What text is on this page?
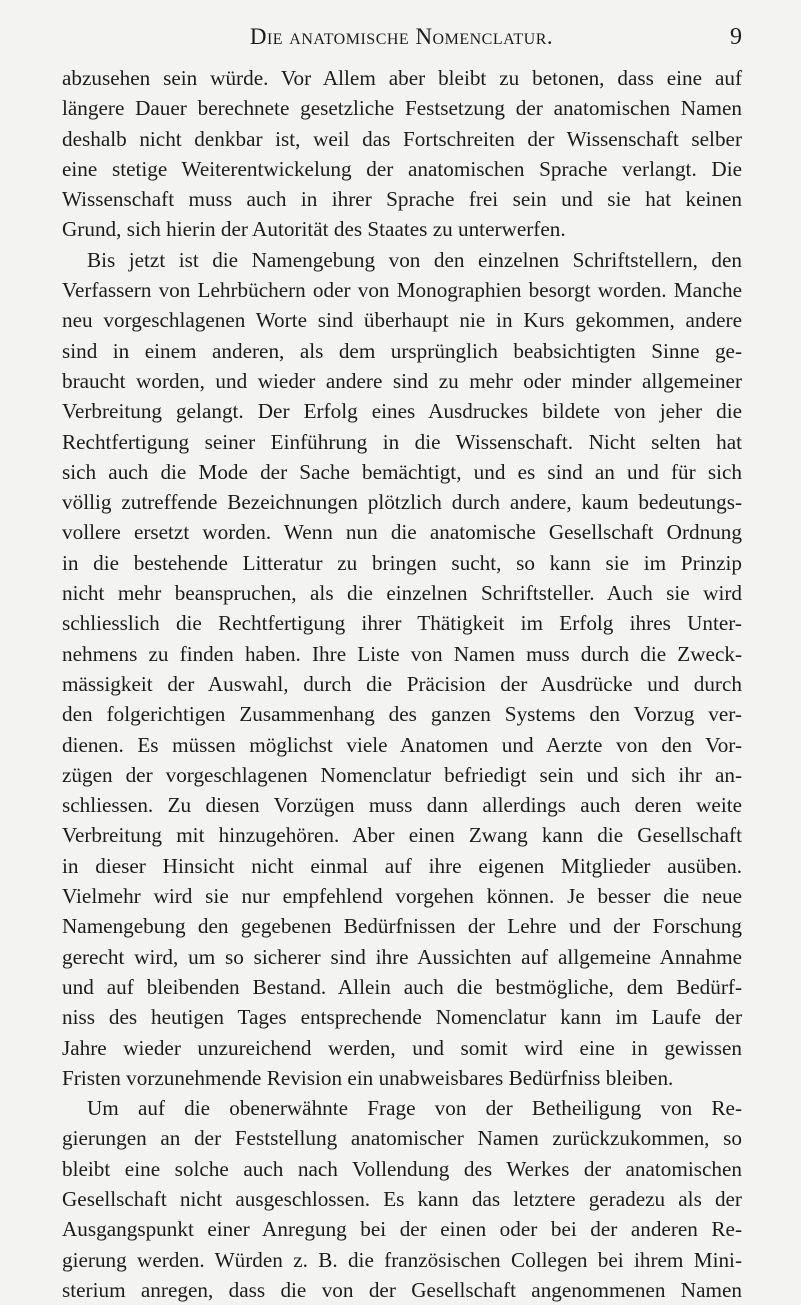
Die anatomische Nomenclatur.	9
abzusehen sein würde. Vor Allem aber bleibt zu betonen, dass eine auf
längere Dauer berechnete gesetzliche Festsetzung der anatomischen Namen
deshalb nicht denkbar ist, weil das Fortschreiten der Wissenschaft selber
eine stetige Weiterentwickelung der anatomischen Sprache verlangt. Die
Wissenschaft muss auch in ihrer Sprache frei sein und sie hat keinen
Grund, sich hierin der Autorität des Staates zu unterwerfen.
Bis jetzt ist die Namengebung von den einzelnen Schriftstellern, den
Verfassern von Lehrbüchern oder von Monographien besorgt worden. Manche
neu vorgeschlagenen Worte sind überhaupt nie in Kurs gekommen, andere
sind in einem anderen, als dem ursprünglich beabsichtigten Sinne ge-
braucht worden, und wieder andere sind zu mehr oder minder allgemeiner
Verbreitung gelangt. Der Erfolg eines Ausdruckes bildete von jeher die
Rechtfertigung seiner Einführung in die Wissenschaft. Nicht selten hat
sich auch die Mode der Sache bemächtigt, und es sind an und für sich
völlig zutreffende Bezeichnungen plötzlich durch andere, kaum bedeutungs-
vollere ersetzt worden. Wenn nun die anatomische Gesellschaft Ordnung
in die bestehende Litteratur zu bringen sucht, so kann sie im Prinzip
nicht mehr beanspruchen, als die einzelnen Schriftsteller. Auch sie wird
schliesslich die Rechtfertigung ihrer Thätigkeit im Erfolg ihres Unter-
nehmens zu finden haben. Ihre Liste von Namen muss durch die Zweck-
mässigkeit der Auswahl, durch die Präcision der Ausdrücke und durch
den folgerichtigen Zusammenhang des ganzen Systems den Vorzug ver-
dienen. Es müssen möglichst viele Anatomen und Aerzte von den Vor-
zügen der vorgeschlagenen Nomenclatur befriedigt sein und sich ihr an-
schliessen. Zu diesen Vorzügen muss dann allerdings auch deren weite
Verbreitung mit hinzugehören. Aber einen Zwang kann die Gesellschaft
in dieser Hinsicht nicht einmal auf ihre eigenen Mitglieder ausüben.
Vielmehr wird sie nur empfehlend vorgehen können. Je besser die neue
Namengebung den gegebenen Bedürfnissen der Lehre und der Forschung
gerecht wird, um so sicherer sind ihre Aussichten auf allgemeine Annahme
und auf bleibenden Bestand. Allein auch die bestmögliche, dem Bedürf-
niss des heutigen Tages entsprechende Nomenclatur kann im Laufe der
Jahre wieder unzureichend werden, und somit wird eine in gewissen
Fristen vorzunehmende Revision ein unabweisbares Bedürfniss bleiben.
Um auf die obenerwähnte Frage von der Betheiligung von Re-
gierungen an der Feststellung anatomischer Namen zurückzukommen, so
bleibt eine solche auch nach Vollendung des Werkes der anatomischen
Gesellschaft nicht ausgeschlossen. Es kann das letztere geradezu als der
Ausgangspunkt einer Anregung bei der einen oder bei der anderen Re-
gierung werden. Würden z. B. die französischen Collegen bei ihrem Mini-
sterium anregen, dass die von der Gesellschaft angenommenen Namen
